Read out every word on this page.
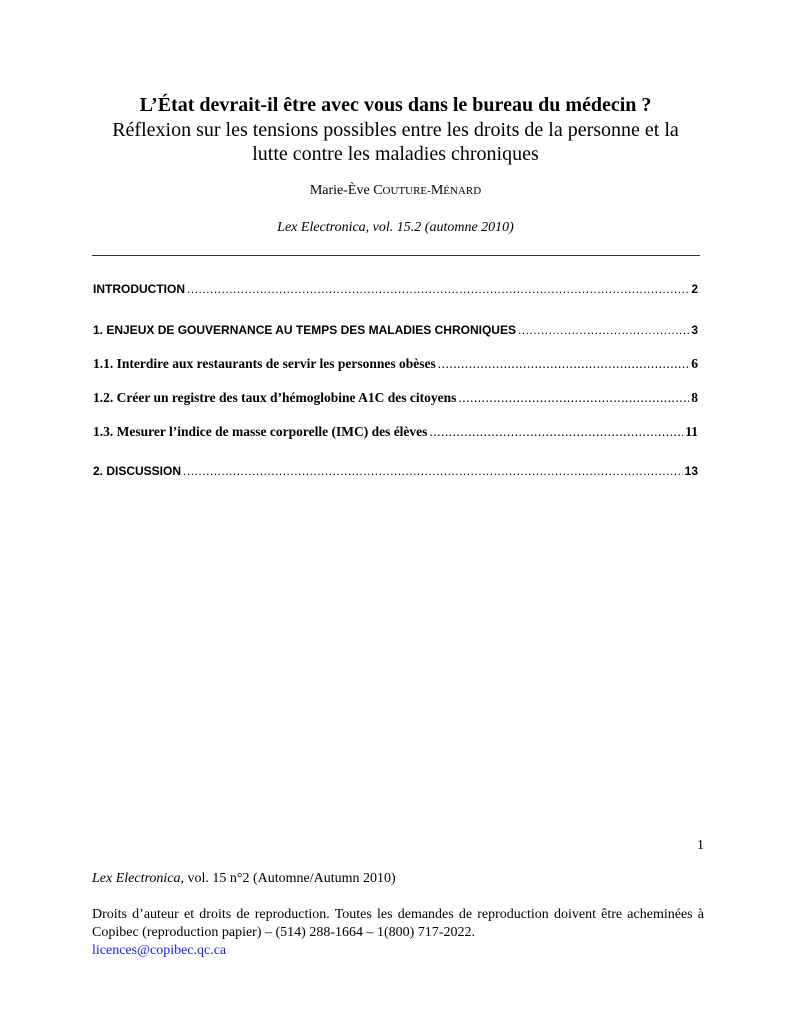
L’État devrait-il être avec vous dans le bureau du médecin ?
Réflexion sur les tensions possibles entre les droits de la personne et la
lutte contre les maladies chroniques
Marie-Ève COUTURE-MÉNARD
Lex Electronica, vol. 15.2 (automne 2010)
INTRODUCTION .....	2
1. ENJEUX DE GOUVERNANCE AU TEMPS DES MALADIES CHRONIQUES .....	3
1.1. Interdire aux restaurants de servir les personnes obèses .....	6
1.2. Créer un registre des taux d’hémoglobine A1C des citoyens .....	8
1.3. Mesurer l’indice de masse corporelle (IMC) des élèves .....	11
2. DISCUSSION .....	13
1
Lex Electronica, vol. 15 n°2 (Automne/Autumn 2010)
Droits d’auteur et droits de reproduction. Toutes les demandes de reproduction doivent être acheminées à Copibec (reproduction papier) – (514) 288-1664 – 1(800) 717-2022.
licences@copibec.qc.ca
